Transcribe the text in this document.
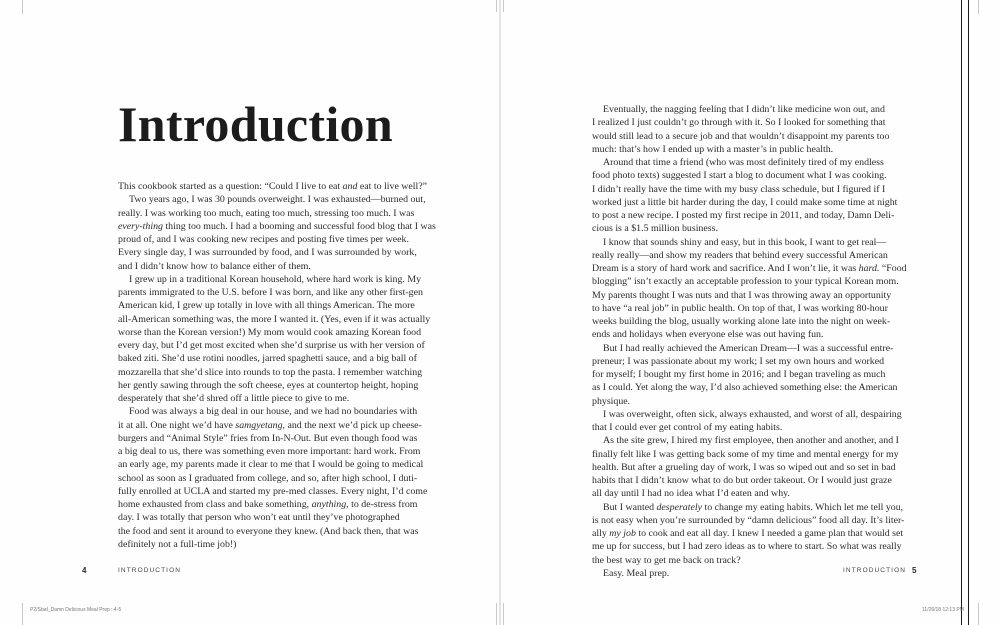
Introduction

This cookbook started as a question: “Could I live to eat and eat to live well?”

Two years ago, I was 30 pounds overweight. I was exhausted—burned out,

really. I was working too much, eating too much, stressing too much. I was

every-thing thing too much. I had a booming and successful food blog that I was

proud of, and I was cooking new recipes and posting five times per week.

Every single day, I was surrounded by food, and I was surrounded by work,

and I didn’t know how to balance either of them.

I grew up in a traditional Korean household, where hard work is king. My

parents immigrated to the U.S. before I was born, and like any other first-gen

American kid, I grew up totally in love with all things American. The more

all-American something was, the more I wanted it. (Yes, even if it was actually

worse than the Korean version!) My mom would cook amazing Korean food

every day, but I’d get most excited when she’d surprise us with her version of

baked ziti. She’d use rotini noodles, jarred spaghetti sauce, and a big ball of

mozzarella that she’d slice into rounds to top the pasta. I remember watching

her gently sawing through the soft cheese, eyes at countertop height, hoping

desperately that she’d shred off a little piece to give to me.

Food was always a big deal in our house, and we had no boundaries with

it at all. One night we’d have samgyetang, and the next we’d pick up cheese-

burgers and “Animal Style” fries from In-N-Out. But even though food was

a big deal to us, there was something even more important: hard work. From

an early age, my parents made it clear to me that I would be going to medical

school as soon as I graduated from college, and so, after high school, I duti-

fully enrolled at UCLA and started my pre-med classes. Every night, I’d come

home exhausted from class and bake something, anything, to de-stress from

day. I was totally that person who won’t eat until they’ve photographed

the food and sent it around to everyone they knew. (And back then, that was

definitely not a full-time job!)

4	INTRODUCTION

Eventually, the nagging feeling that I didn’t like medicine won out, and

I realized I just couldn’t go through with it. So I looked for something that

would still lead to a secure job and that wouldn’t disappoint my parents too

much: that’s how I ended up with a master’s in public health.

Around that time a friend (who was most definitely tired of my endless

food photo texts) suggested I start a blog to document what I was cooking.

I didn’t really have the time with my busy class schedule, but I figured if I

worked just a little bit harder during the day, I could make some time at night

to post a new recipe. I posted my first recipe in 2011, and today, Damn Deli-

cious is a $1.5 million business.

I know that sounds shiny and easy, but in this book, I want to get real—

really really—and show my readers that behind every successful American

Dream is a story of hard work and sacrifice. And I won’t lie, it was hard. “Food

blogging” isn’t exactly an acceptable profession to your typical Korean mom.

My parents thought I was nuts and that I was throwing away an opportunity

to have “a real job” in public health. On top of that, I was working 80-hour

weeks building the blog, usually working alone late into the night on week-

ends and holidays when everyone else was out having fun.

But I had really achieved the American Dream—I was a successful entre-

preneur; I was passionate about my work; I set my own hours and worked

for myself; I bought my first home in 2016; and I began traveling as much

as I could. Yet along the way, I’d also achieved something else: the American

physique.

I was overweight, often sick, always exhausted, and worst of all, despairing

that I could ever get control of my eating habits.

As the site grew, I hired my first employee, then another and another, and I

finally felt like I was getting back some of my time and mental energy for my

health. But after a grueling day of work, I was so wiped out and so set in bad

habits that I didn’t know what to do but order takeout. Or I would just graze

all day until I had no idea what I’d eaten and why.

But I wanted desperately to change my eating habits. Which let me tell you,

is not easy when you’re surrounded by “damn delicious” food all day. It’s liter-

ally my job to cook and eat all day. I knew I needed a game plan that would set

me up for success, but I had zero ideas as to where to start. So what was really

the best way to get me back on track?

Easy. Meal prep.	INTRODUCTION 5
P2/Stad_Damn Delicious Meal Prep : 4-5	11/26/18 12:13 PM
